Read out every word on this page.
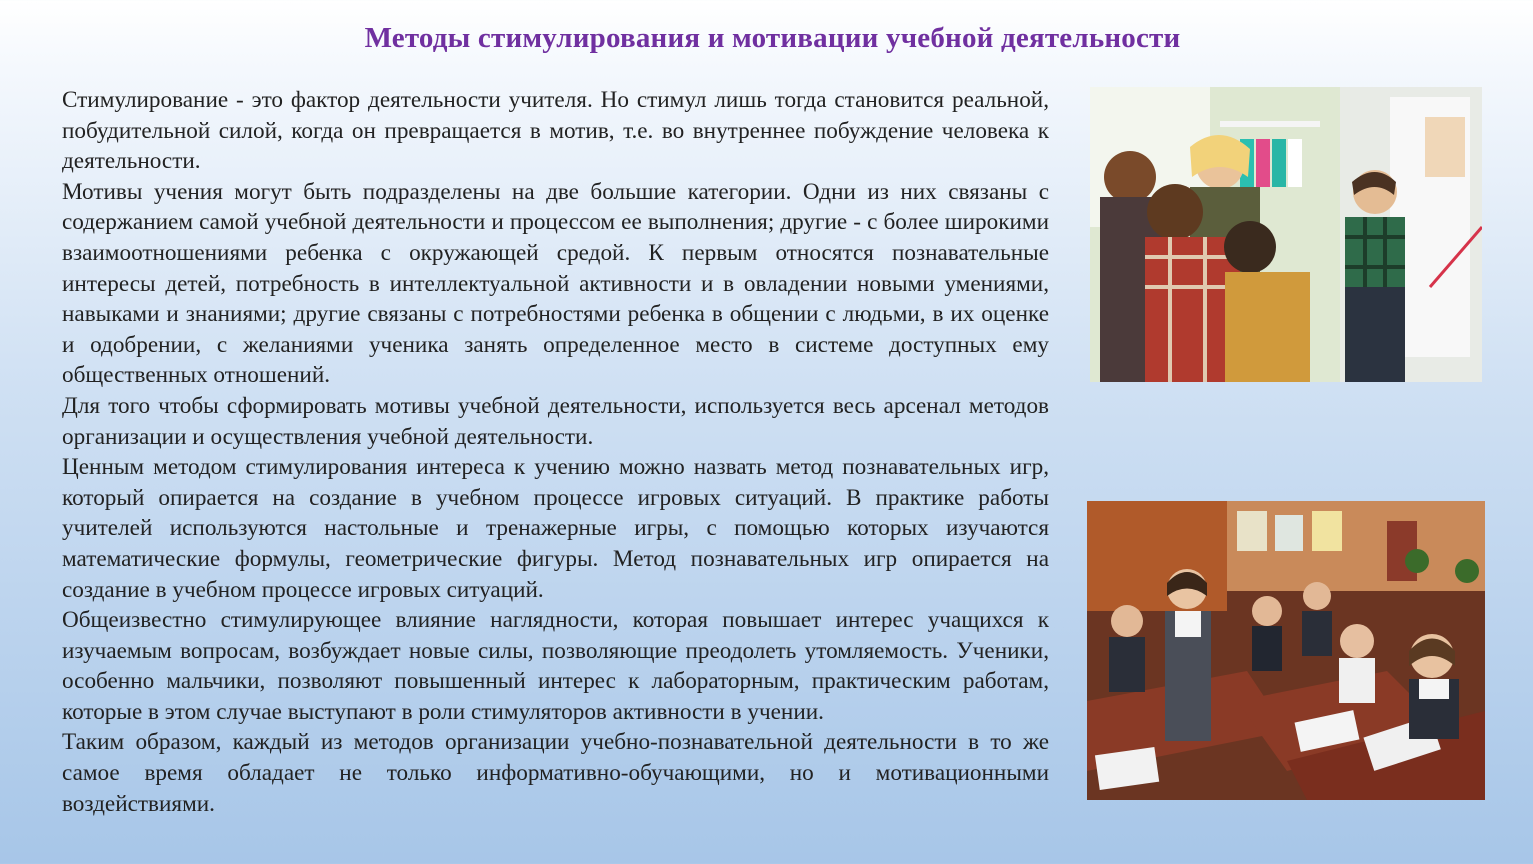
Методы стимулирования и мотивации учебной деятельности

Стимулирование - это фактор деятельности учителя. Но стимул лишь тогда становится реальной, побудительной силой, когда он превращается в мотив, т.е. во внутреннее побуждение человека к деятельности.

Мотивы учения могут быть подразделены на две большие категории. Одни из них связаны с содержанием самой учебной деятельности и процессом ее выполнения; другие - с более широкими взаимоотношениями ребенка с окружающей средой. К первым относятся познавательные интересы детей, потребность в интеллектуальной активности и в овладении новыми умениями, навыками и знаниями; другие связаны с потребностями ребенка в общении с людьми, в их оценке и одобрении, с желаниями ученика занять определенное место в системе доступных ему общественных отношений.

Для того чтобы сформировать мотивы учебной деятельности, используется весь арсенал методов организации и осуществления учебной деятельности.

Ценным методом стимулирования интереса к учению можно назвать метод познавательных игр, который опирается на создание в учебном процессе игровых ситуаций. В практике работы учителей используются настольные и тренажерные игры, с помощью которых изучаются математические формулы, геометрические фигуры. Метод познавательных игр опирается на создание в учебном процессе игровых ситуаций.

Общеизвестно стимулирующее влияние наглядности, которая повышает интерес учащихся к изучаемым вопросам, возбуждает новые силы, позволяющие преодолеть утомляемость. Ученики, особенно мальчики, позволяют повышенный интерес к лабораторным, практическим работам, которые в этом случае выступают в роли стимуляторов активности в учении.

Таким образом, каждый из методов организации учебно-познавательной деятельности в то же самое время обладает не только информативно-обучающими, но и мотивационными воздействиями.
